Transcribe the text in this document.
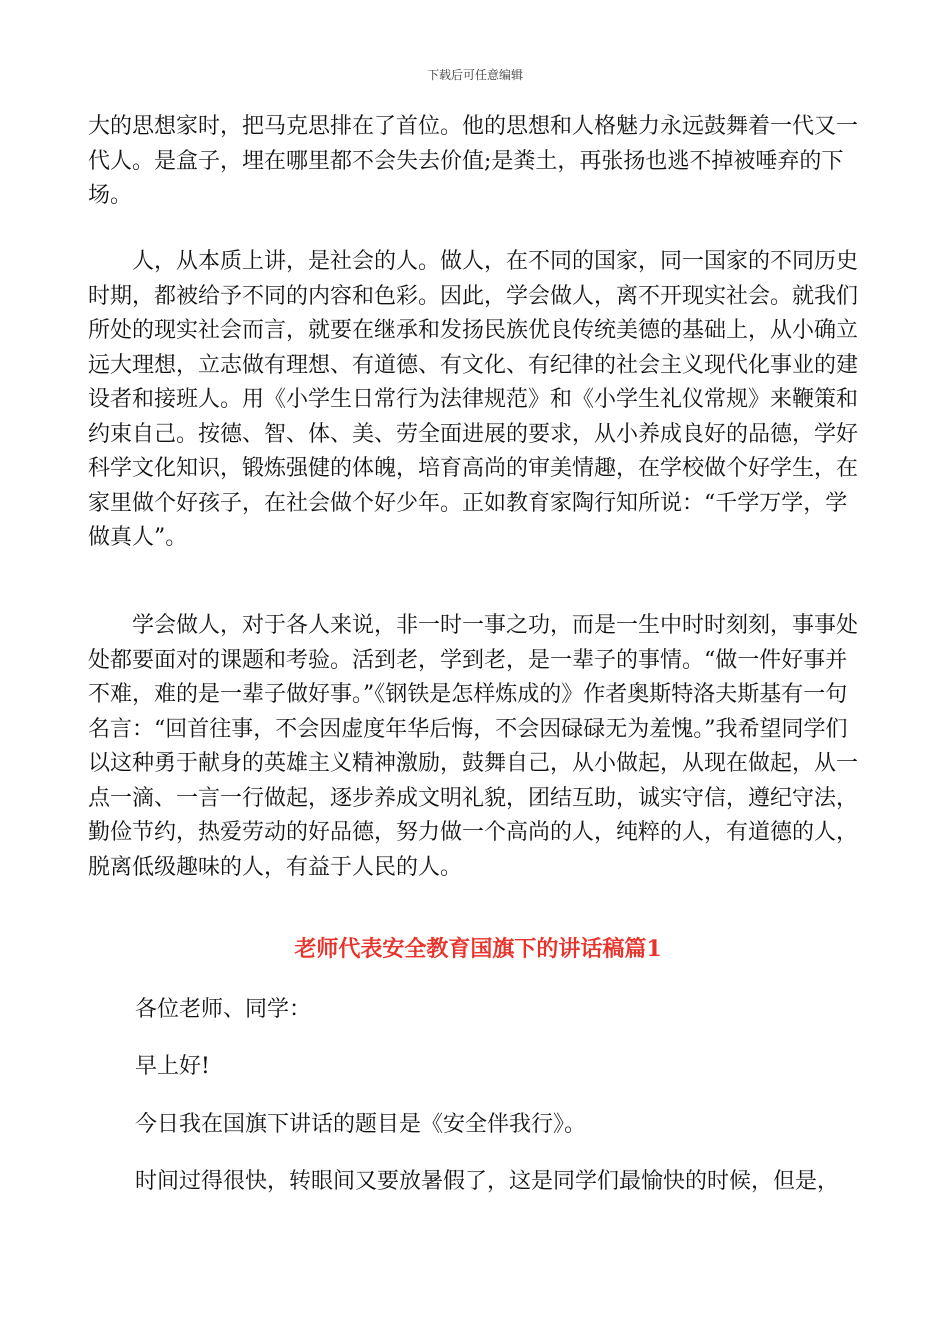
下载后可任意编辑

大的思想家时，把马克思排在了首位。他的思想和人格魅力永远鼓舞着一代又一代人。是盒子，埋在哪里都不会失去价值;是粪土，再张扬也逃不掉被唾弃的下场。

人，从本质上讲，是社会的人。做人，在不同的国家，同一国家的不同历史时期，都被给予不同的内容和色彩。因此，学会做人，离不开现实社会。就我们所处的现实社会而言，就要在继承和发扬民族优良传统美德的基础上，从小确立远大理想，立志做有理想、有道德、有文化、有纪律的社会主义现代化事业的建设者和接班人。用《小学生日常行为法律规范》和《小学生礼仪常规》来鞭策和约束自己。按德、智、体、美、劳全面进展的要求，从小养成良好的品德，学好科学文化知识，锻炼强健的体魄，培育高尚的审美情趣，在学校做个好学生，在家里做个好孩子，在社会做个好少年。正如教育家陶行知所说：“千学万学，学做真人”。

学会做人，对于各人来说，非一时一事之功，而是一生中时时刻刻，事事处处都要面对的课题和考验。活到老，学到老，是一辈子的事情。“做一件好事并不难，难的是一辈子做好事。”《钢铁是怎样炼成的》作者奥斯特洛夫斯基有一句名言：“回首往事，不会因虚度年华后悔，不会因碌碌无为羞愧。”我希望同学们以这种勇于献身的英雄主义精神激励，鼓舞自己，从小做起，从现在做起，从一点一滴、一言一行做起，逐步养成文明礼貌，团结互助，诚实守信，遵纪守法，勤俭节约，热爱劳动的好品德，努力做一个高尚的人，纯粹的人，有道德的人，脱离低级趣味的人，有益于人民的人。

老师代表安全教育国旗下的讲话稿篇1

各位老师、同学：

早上好!

今日我在国旗下讲话的题目是《安全伴我行》。

时间过得很快，转眼间又要放暑假了，这是同学们最愉快的时候，但是，
